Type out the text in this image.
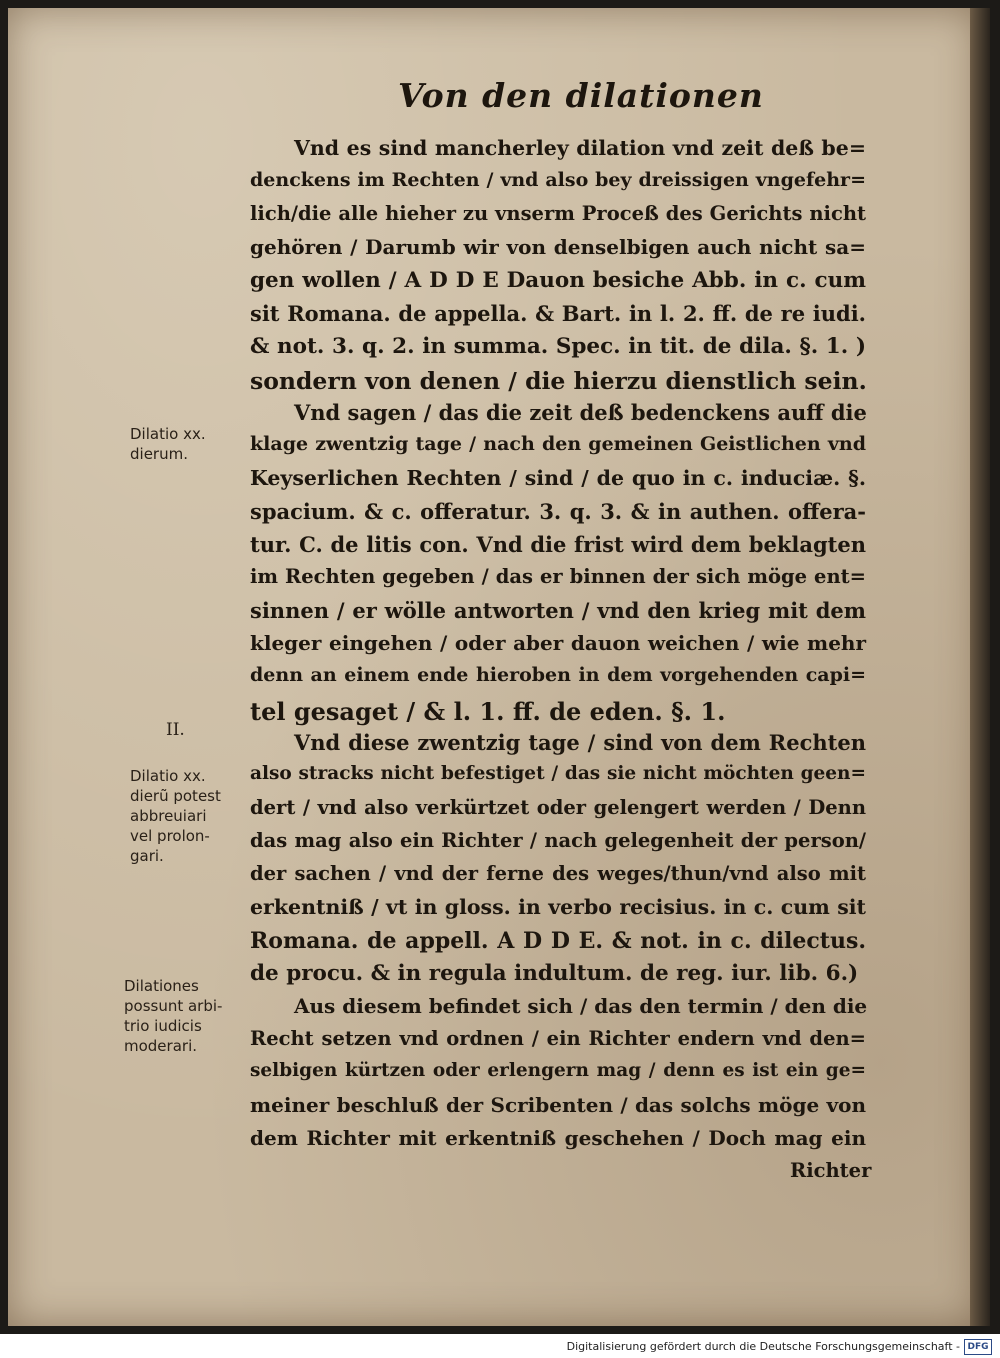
Von den dilationen
Vnd es sind mancherley dilation vnd zeit deß be=
denckens im Rechten / vnd also bey dreissigen vngefehr=
lich/die alle hieher zu vnserm Proceß des Gerichts nicht
gehören / Darumb wir von denselbigen auch nicht sa=
gen wollen / A D D E Dauon besiche Abb. in c. cum
sit Romana. de appella. & Bart. in l. 2. ff. de re iudi.
& not. 3. q. 2. in summa. Spec. in tit. de dila. §. 1. )
sondern von denen / die hierzu dienstlich sein.
Vnd sagen / das die zeit deß bedenckens auff die
klage zwentzig tage / nach den gemeinen Geistlichen vnd
Keyserlichen Rechten / sind / de quo in c. induciæ. §.
spacium. & c. offeratur. 3. q. 3. & in authen. offera-
tur. C. de litis con. Vnd die frist wird dem beklagten
im Rechten gegeben / das er binnen der sich möge ent=
sinnen / er wölle antworten / vnd den krieg mit dem
kleger eingehen / oder aber dauon weichen / wie mehr
denn an einem ende hieroben in dem vorgehenden capi=
tel gesaget / & l. 1. ff. de eden. §. 1.
Vnd diese zwentzig tage / sind von dem Rechten
also stracks nicht befestiget / das sie nicht möchten geen=
dert / vnd also verkürtzet oder gelengert werden / Denn
das mag also ein Richter / nach gelegenheit der person/
der sachen / vnd der ferne des weges/thun/vnd also mit
erkentniß / vt in gloss. in verbo recisius. in c. cum sit
Romana. de appell. A D D E. & not. in c. dilectus.
de procu. & in regula indultum. de reg. iur. lib. 6.)
Aus diesem befindet sich / das den termin / den die
Recht setzen vnd ordnen / ein Richter endern vnd den=
selbigen kürtzen oder erlengern mag / denn es ist ein ge=
meiner beschluß der Scribenten / das solchs möge von
dem Richter mit erkentniß geschehen / Doch mag ein
Richter
Dilatio xx.
dierum.
II.
Dilatio xx.
dierũ potest
abbreuiari
vel prolon-
gari.
Dilationes
possunt arbi-
trio iudicis
moderari.
Digitalisierung gefördert durch die Deutsche Forschungsgemeinschaft - DFG
